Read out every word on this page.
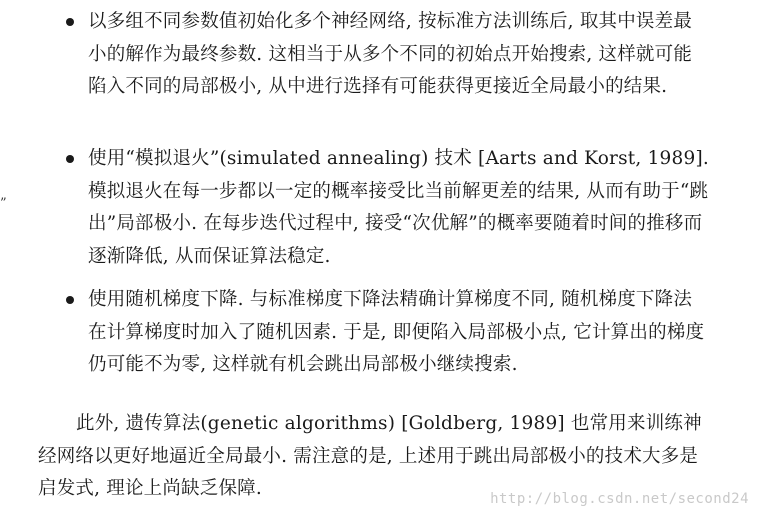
”
以多组不同参数值初始化多个神经网络, 按标准方法训练后, 取其中误差最小的解作为最终参数. 这相当于从多个不同的初始点开始搜索, 这样就可能陷入不同的局部极小, 从中进行选择有可能获得更接近全局最小的结果.
使用“模拟退火”(simulated annealing) 技术 [Aarts and Korst, 1989]. 模拟退火在每一步都以一定的概率接受比当前解更差的结果, 从而有助于“跳出”局部极小. 在每步迭代过程中, 接受“次优解”的概率要随着时间的推移而逐渐降低, 从而保证算法稳定.
使用随机梯度下降. 与标准梯度下降法精确计算梯度不同, 随机梯度下降法在计算梯度时加入了随机因素. 于是, 即便陷入局部极小点, 它计算出的梯度仍可能不为零, 这样就有机会跳出局部极小继续搜索.
此外, 遗传算法(genetic algorithms) [Goldberg, 1989] 也常用来训练神经网络以更好地逼近全局最小. 需注意的是, 上述用于跳出局部极小的技术大多是启发式, 理论上尚缺乏保障.	http://blog.csdn.net/second24
